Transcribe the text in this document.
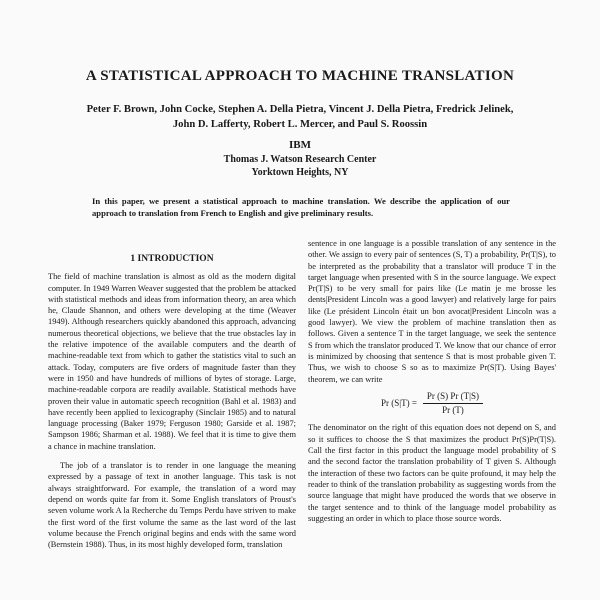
A STATISTICAL APPROACH TO MACHINE TRANSLATION
Peter F. Brown, John Cocke, Stephen A. Della Pietra, Vincent J. Della Pietra, Fredrick Jelinek,
John D. Lafferty, Robert L. Mercer, and Paul S. Roossin
IBM
Thomas J. Watson Research Center
Yorktown Heights, NY
In this paper, we present a statistical approach to machine translation. We describe the application of our approach to translation from French to English and give preliminary results.
1 INTRODUCTION

The field of machine translation is almost as old as the modern digital computer. In 1949 Warren Weaver suggested that the problem be attacked with statistical methods and ideas from information theory, an area which he, Claude Shannon, and others were developing at the time (Weaver 1949). Although researchers quickly abandoned this approach, advancing numerous theoretical objections, we believe that the true obstacles lay in the relative impotence of the available computers and the dearth of machine-readable text from which to gather the statistics vital to such an attack. Today, computers are five orders of magnitude faster than they were in 1950 and have hundreds of millions of bytes of storage. Large, machine-readable corpora are readily available. Statistical methods have proven their value in automatic speech recognition (Bahl et al. 1983) and have recently been applied to lexicography (Sinclair 1985) and to natural language processing (Baker 1979; Ferguson 1980; Garside et al. 1987; Sampson 1986; Sharman et al. 1988). We feel that it is time to give them a chance in machine translation.

The job of a translator is to render in one language the meaning expressed by a passage of text in another language. This task is not always straightforward. For example, the translation of a word may depend on words quite far from it. Some English translators of Proust's seven volume work A la Recherche du Temps Perdu have striven to make the first word of the first volume the same as the last word of the last volume because the French original begins and ends with the same word (Bernstein 1988). Thus, in its most highly developed form, translation

sentence in one language is a possible translation of any sentence in the other. We assign to every pair of sentences (S, T) a probability, Pr(T|S), to be interpreted as the probability that a translator will produce T in the target language when presented with S in the source language. We expect Pr(T|S) to be very small for pairs like (Le matin je me brosse les dents|President Lincoln was a good lawyer) and relatively large for pairs like (Le président Lincoln était un bon avocat|President Lincoln was a good lawyer). We view the problem of machine translation then as follows. Given a sentence T in the target language, we seek the sentence S from which the translator produced T. We know that our chance of error is minimized by choosing that sentence S that is most probable given T. Thus, we wish to choose S so as to maximize Pr(S|T). Using Bayes' theorem, we can write

Pr $(S|T) = \frac{Pr (S) Pr (T|S)}{Pr (T)}$

The denominator on the right of this equation does not depend on S, and so it suffices to choose the S that maximizes the product Pr(S)Pr(T|S). Call the first factor in this product the language model probability of S and the second factor the translation probability of T given S. Although the interaction of these two factors can be quite profound, it may help the reader to think of the translation probability as suggesting words from the source language that might have produced the words that we observe in the target sentence and to think of the language model probability as suggesting an order in which to place those source words.
